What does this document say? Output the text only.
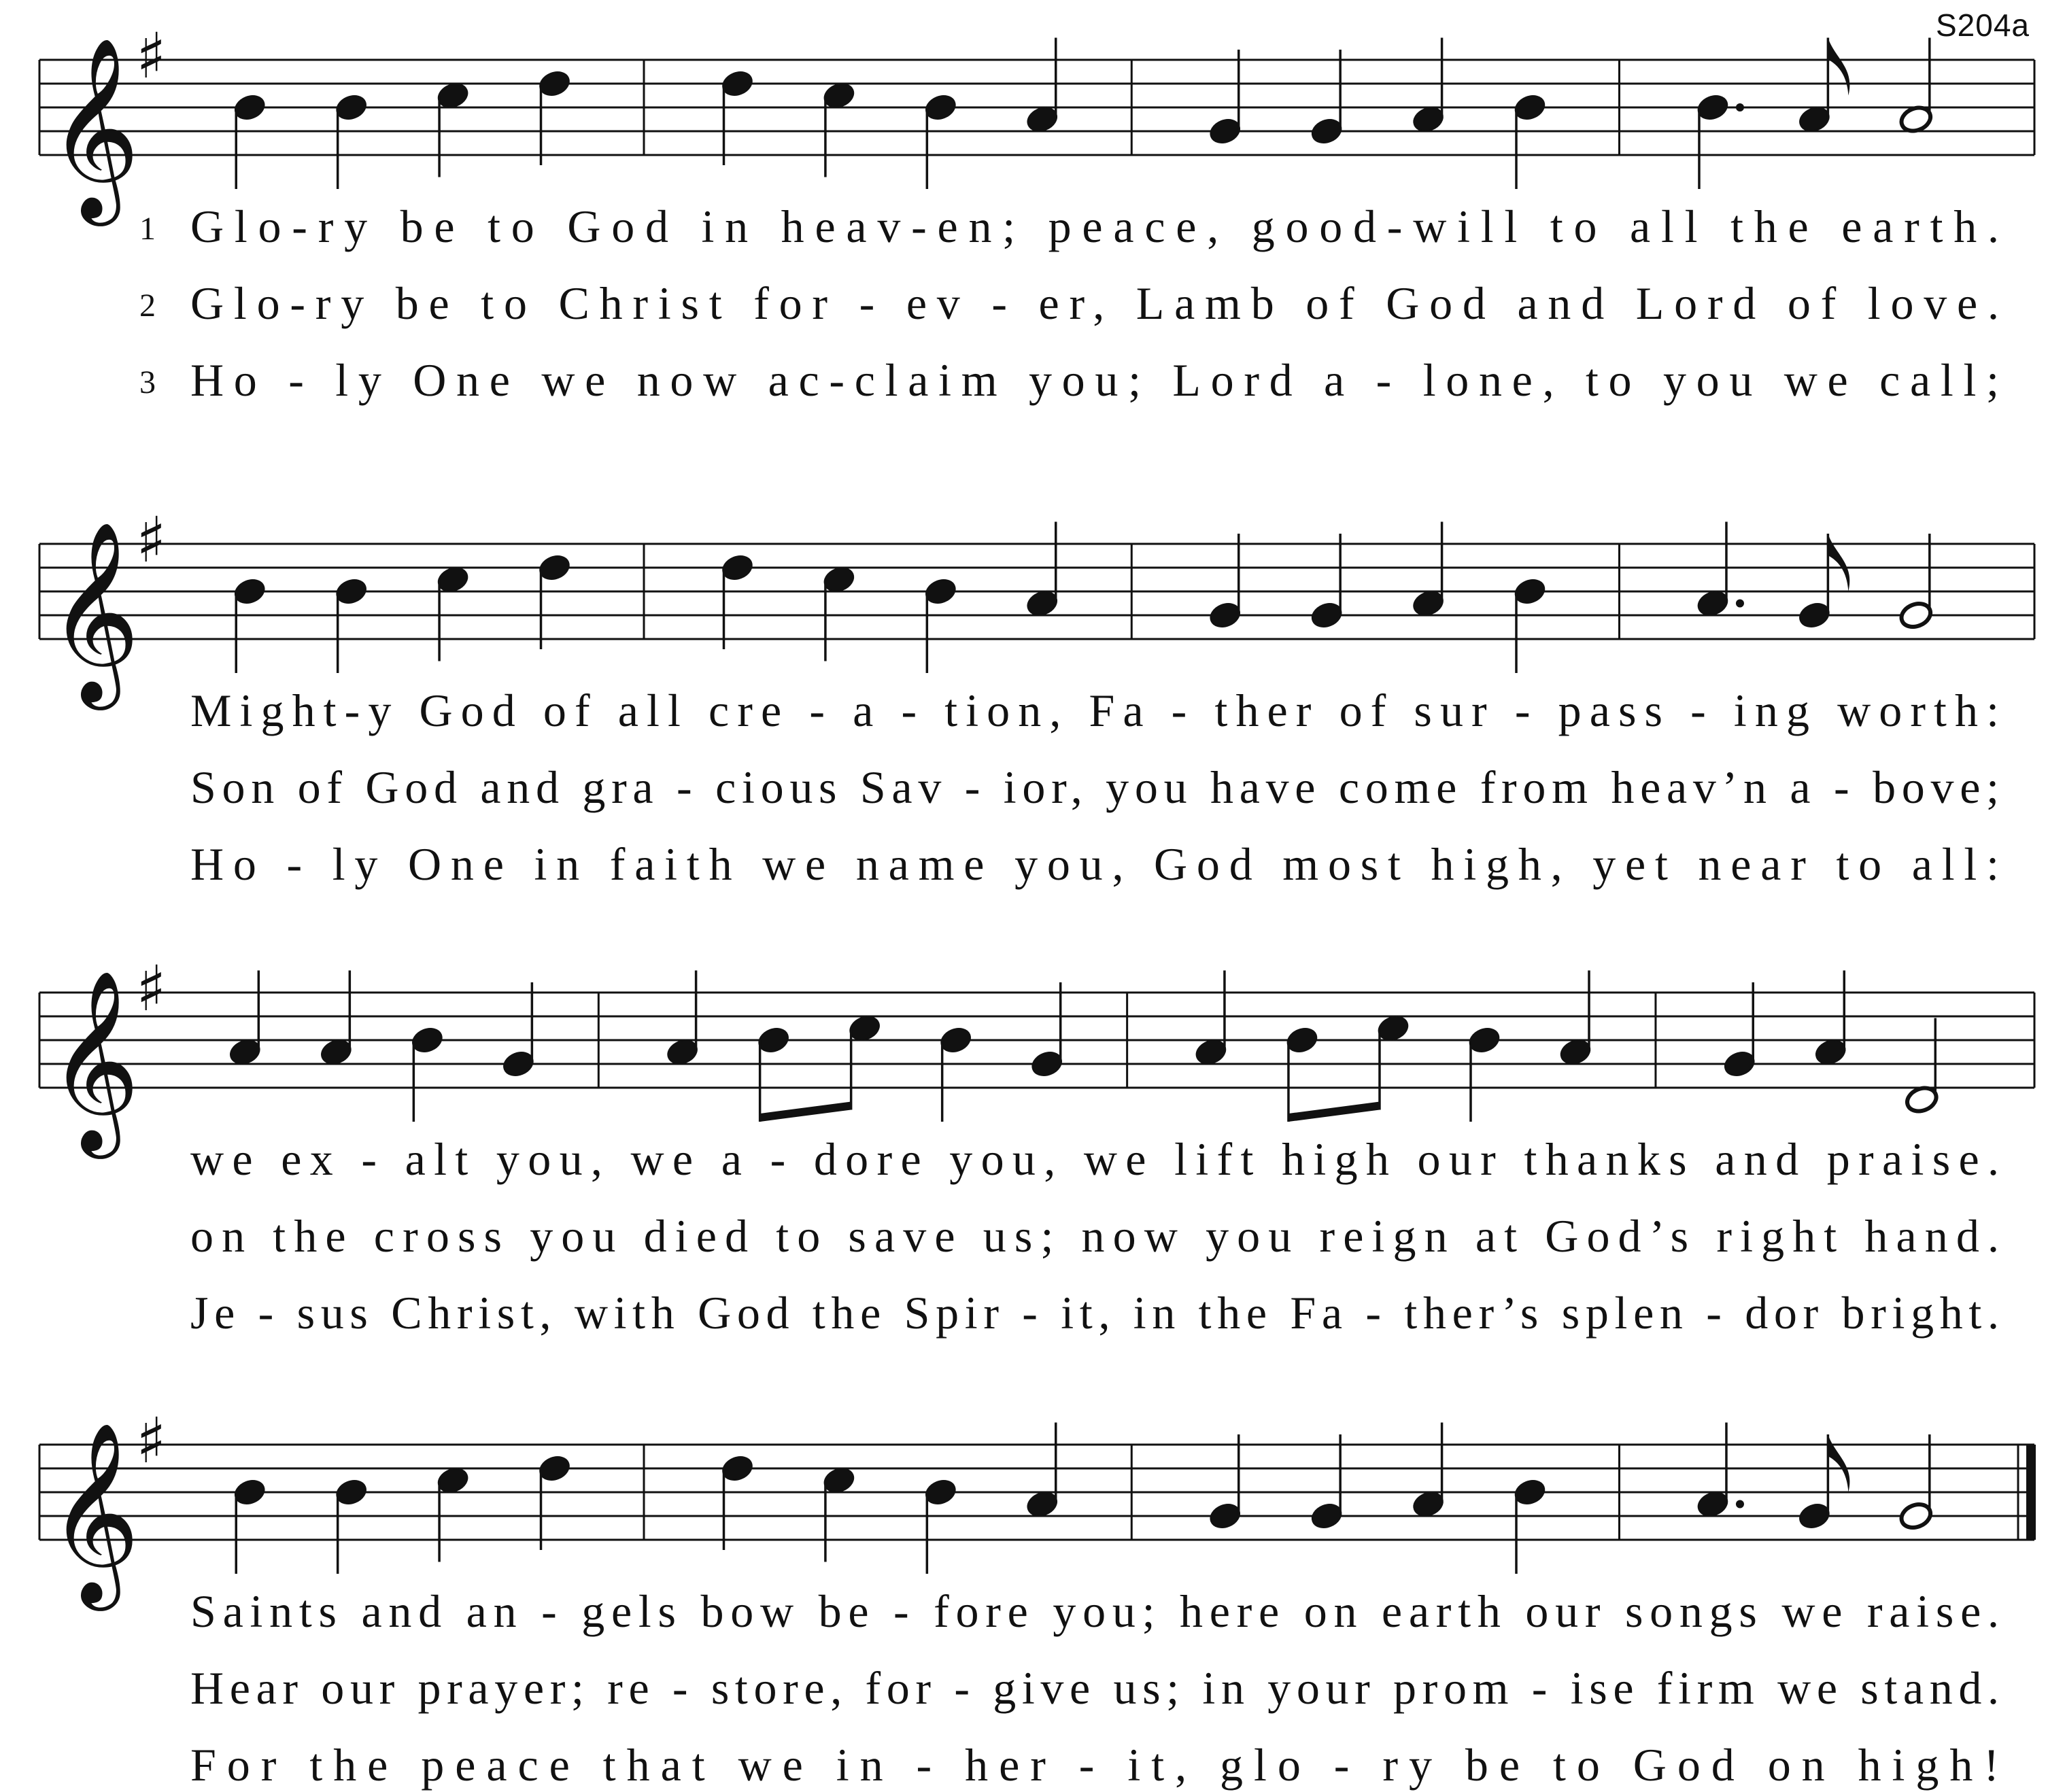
S204a
𝄞
♯
1 Glo-ry be to God in heav-en; peace, good-will to all the earth.
2 Glo-ry be to Christ for - ev - er, Lamb of God and Lord of love.
3 Ho - ly One we now ac-claim you; Lord a - lone, to you we call;
𝄞
♯
Might-y God of all cre - a - tion, Fa - ther of sur - pass - ing worth:
Son of God and gra - cious Sav - ior, you have come from heav’n a - bove;
Ho - ly One in faith we name you, God most high, yet near to all:
𝄞
♯
we ex - alt you, we a - dore you, we lift high our thanks and praise.
on the cross you died to save us; now you reign at God’s right hand.
Je - sus Christ, with God the Spir - it, in the Fa - ther’s splen - dor bright.
𝄞
♯
Saints and an - gels bow be - fore you; here on earth our songs we raise.
Hear our prayer; re - store, for - give us; in your prom - ise firm we stand.
For the peace that we in - her - it, glo - ry be to God on high!
